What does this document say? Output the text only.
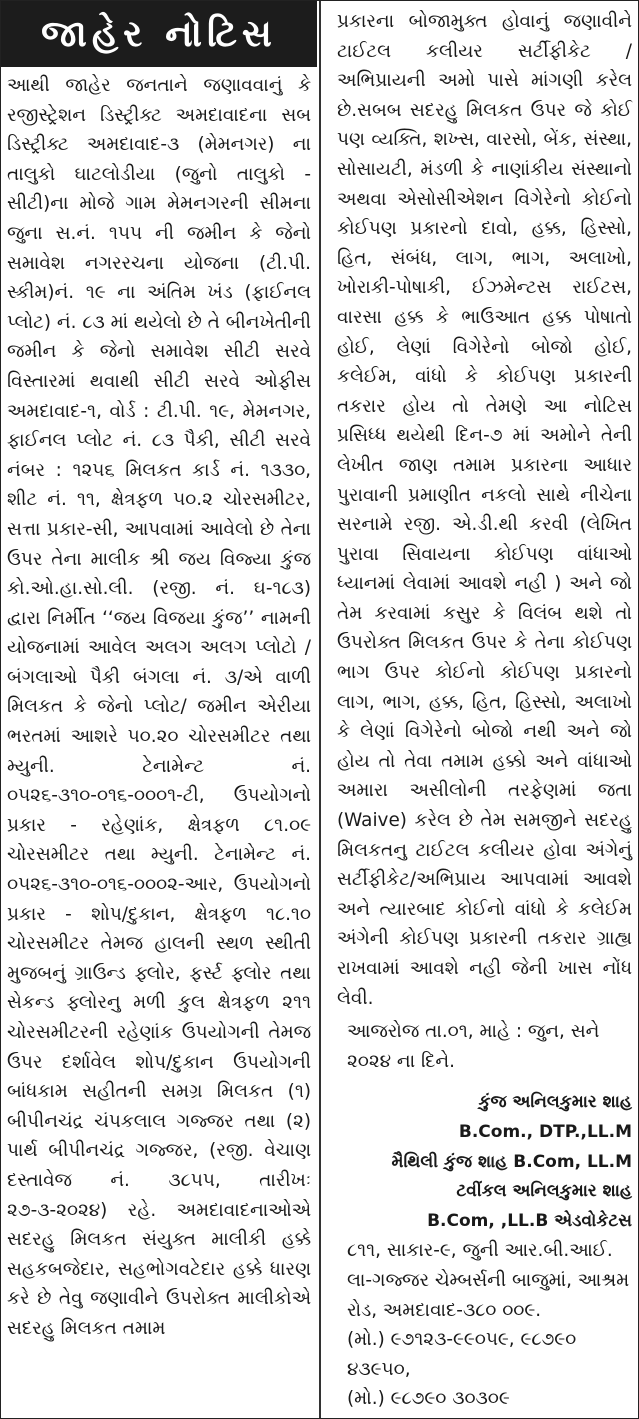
જાહેર નોટિસ

આથી જાહેર જનતાને જણાવવાનું કે રજીસ્ટ્રેશન ડિસ્ટ્રીક્ટ અમદાવાદના સબ ડિસ્ટ્રીક્ટ અમદાવાદ-૩ (મેમનગર) ના તાલુકો ઘાટલોડીયા (જુનો તાલુકો - સીટી)ના મોજે ગામ મેમનગરની સીમના જુના સ.નં. ૧૫૫ ની જમીન કે જેનો સમાવેશ નગરરચના યોજના (ટી.પી. સ્કીમ)નં. ૧૯ ના અંતિમ ખંડ (ફાઈનલ પ્લોટ) નં. ૮૩ માં થયેલો છે તે બીનખેતીની જમીન કે જેનો સમાવેશ સીટી સરવે વિસ્તારમાં થવાથી સીટી સરવે ઓફીસ અમદાવાદ-૧, વોર્ડ : ટી.પી. ૧૯, મેમનગર, ફાઈનલ પ્લોટ નં. ૮૩ પૈકી, સીટી સરવે નંબર : ૧૨૫૬ મિલકત કાર્ડ નં. ૧૩૩૦, શીટ નં. ૧૧, ક્ષેત્રફળ ૫૦.૨ ચોરસમીટર, સત્તા પ્રકાર-સી, આપવામાં આવેલો છે તેના ઉપર તેના માલીક શ્રી જય વિજ્યા કુંજ કો.ઓ.હા.સો.લી. (રજી. નં. ઘ-૧૮૩) દ્વારા નિર્મીત ‘‘જય વિજયા કુંજ’’ નામની યોજનામાં આવેલ અલગ અલગ પ્લોટો / બંગલાઓ પૈકી બંગલા નં. ૩/એ વાળી મિલકત કે જેનો પ્લોટ/ જમીન એરીયા ભરતમાં આશરે ૫૦.૨૦ ચોરસમીટર તથા મ્યુની. ટેનામેન્ટ નં. ૦૫૨૬-૩૧૦-૦૧૬-૦૦૦૧-ટી, ઉપયોગનો પ્રકાર - રહેણાંક, ક્ષેત્રફળ ૮૧.૦૯ ચોરસમીટર તથા મ્યુની. ટેનામેન્ટ નં. ૦૫૨૬-૩૧૦-૦૧૬-૦૦૦૨-આર, ઉપયોગનો પ્રકાર - શોપ/દુકાન, ક્ષેત્રફળ ૧૮.૧૦ ચોરસમીટર તેમજ હાલની સ્થળ સ્થીતી મુજબનું ગ્રાઉન્ડ ફ્લોર, ફર્સ્ટ ફ્લોર તથા સેકન્ડ ફ્લોરનુ મળી કુલ ક્ષેત્રફળ ૨૧૧ ચોરસમીટરની રહેણાંક ઉપયોગની તેમજ ઉપર દર્શાવેલ શોપ/દુકાન ઉપયોગની બાંધકામ સહીતની સમગ્ર મિલકત (૧) બીપીનચંદ્ર ચંપકલાલ ગજ્જર તથા (૨) પાર્થ બીપીનચંદ્ર ગજ્જર, (રજી. વેચાણ દસ્તાવેજ નં. ૩૮૫૫, તારીખઃ ૨૭-૩-૨૦૨૪) રહે. અમદાવાદનાઓએ સદરહુ મિલકત સંયુક્ત માલીકી હક્કે સહકબજેદાર, સહભોગવટેદાર હક્કે ધારણ કરે છે તેવુ જણાવીને ઉપરોક્ત માલીકોએ સદરહુ મિલકત તમામ

પ્રકારના બોજામુક્ત હોવાનું જણાવીને ટાઈટલ કલીયર સર્ટીફીકેટ / અભિપ્રાયની અમો પાસે માંગણી કરેલ છે.સબબ સદરહુ મિલકત ઉપર જે કોઈ પણ વ્યક્તિ, શખ્સ, વારસો, બેંક, સંસ્થા, સોસાયટી, મંડળી કે નાણાંકીય સંસ્થાનો અથવા એસોસીએશન વિગેરેનો કોઈનો કોઈપણ પ્રકારનો દાવો, હક્ક, હિસ્સો, હિત, સંબંધ, લાગ, ભાગ, અલાખો, ખોરાકી-પોષાકી, ઈઝમેન્ટસ રાઈટસ, વારસા હક્ક કે ભાઉઆત હક્ક પોષાતો હોઈ, લેણાં વિગેરેનો બોજો હોઈ, કલેઈમ, વાંધો કે કોઈપણ પ્રકારની તકરાર હોય તો તેમણે આ નોટિસ પ્રસિધ્ધ થયેથી દિન-૭ માં અમોને તેની લેખીત જાણ તમામ પ્રકારના આધાર પુરાવાની પ્રમાણીત નકલો સાથે નીચેના સરનામે રજી. એ.ડી.થી કરવી (લેખિત પુરાવા સિવાયના કોઈપણ વાંધાઓ ધ્યાનમાં લેવામાં આવશે નહી ) અને જો તેમ કરવામાં કસુર કે વિલંબ થશે તો ઉપરોક્ત મિલકત ઉપર કે તેના કોઈપણ ભાગ ઉપર કોઈનો કોઈપણ પ્રકારનો લાગ, ભાગ, હક્ક, હિત, હિસ્સો, અલાખો કે લેણાં વિગેરેનો બોજો નથી અને જો હોય તો તેવા તમામ હક્કો અને વાંધાઓ અમારા અસીલોની તરફેણમાં જતા (Waive) કરેલ છે તેમ સમજીને સદરહુ મિલકતનુ ટાઈટલ કલીયર હોવા અંગેનું સર્ટીફીકેટ/અભિપ્રાય આપવામાં આવશે અને ત્યારબાદ કોઈનો વાંધો કે કલેઈમ અંગેની કોઈપણ પ્રકારની તકરાર ગ્રાહ્ય રાખવામાં આવશે નહી જેની ખાસ નોંધ લેવી.

આજરોજ તા.૦૧, માહે : જુન, સને ૨૦૨૪ ના દિને.

કુંજ અનિલકુમાર શાહ

B.Com., DTP.,LL.M

મૈથિલી કુંજ શાહ B.Com, LL.M

ટવીંકલ અનિલકુમાર શાહ

B.Com, ,LL.B એડવોકેટસ

૮૧૧, સાકાર-૯, જુની આર.બી.આઈ. લા-ગજ્જર ચેમ્બર્સની બાજુમાં, આશ્રમ રોડ, અમદાવાદ-૩૮૦ ૦૦૯.

(મો.) ૯૭૧૨૩-૯૯૦૫૯, ૯૮૭૯૦ ૪૩૯૫૦,

(મો.) ૯૮૭૯૦ ૩૦૩૦૯
